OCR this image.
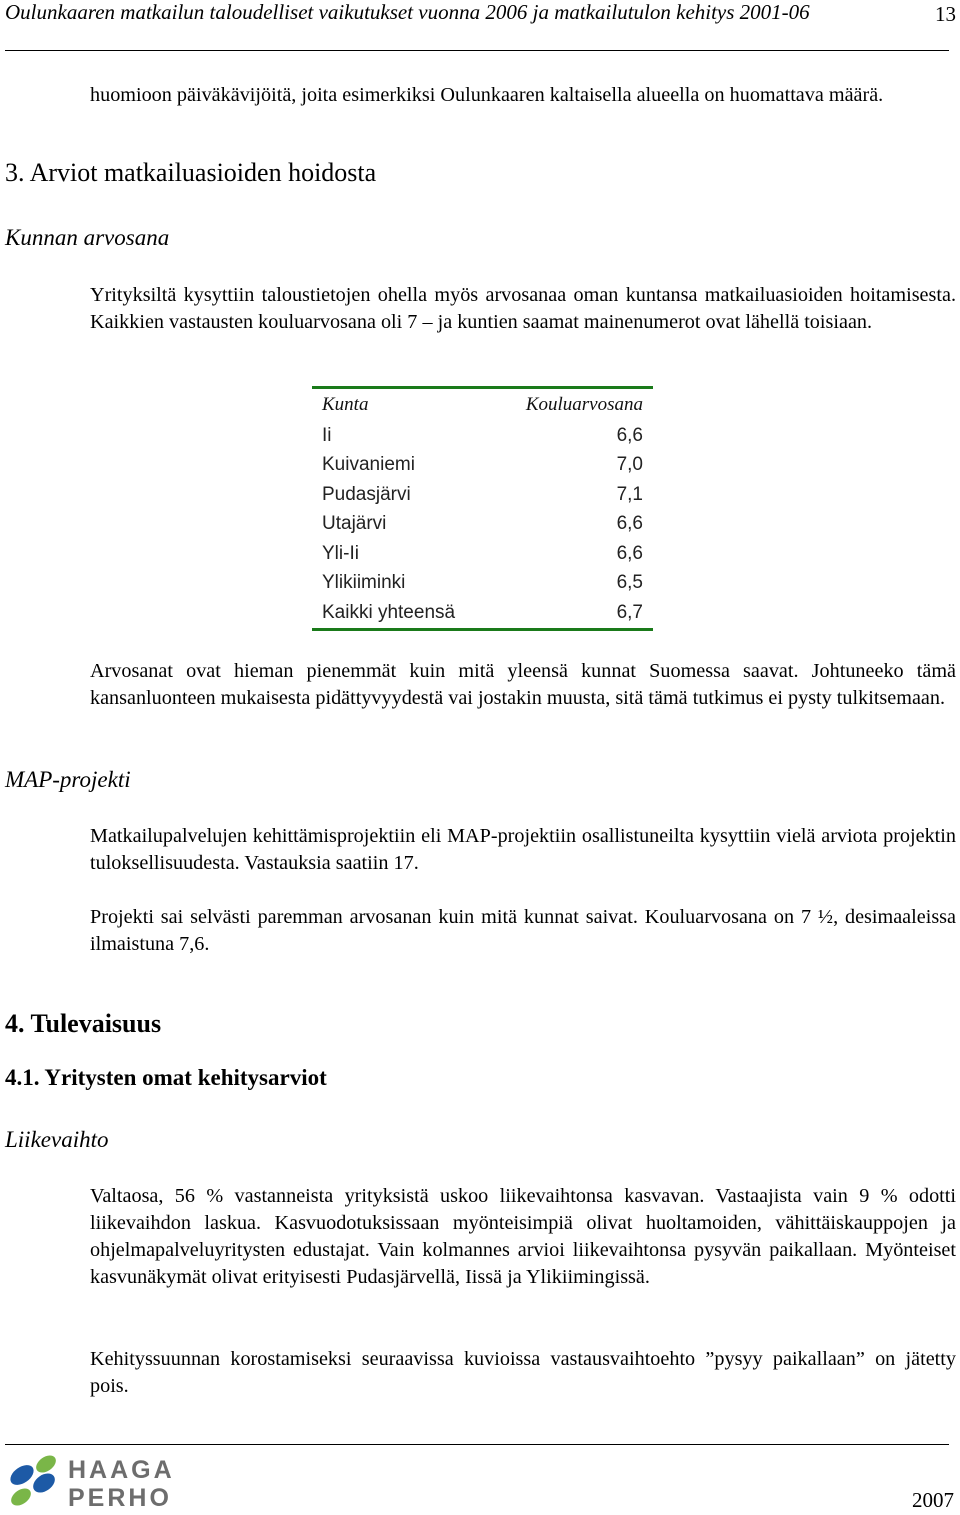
Oulunkaaren matkailun taloudelliset vaikutukset vuonna 2006 ja matkailutulon kehitys 2001-06	13
huomioon päiväkävijöitä, joita esimerkiksi Oulunkaaren kaltaisella alueella on huomattava määrä.
3. Arviot matkailuasioiden hoidosta
Kunnan arvosana
Yrityksiltä kysyttiin taloustietojen ohella myös arvosanaa oman kuntansa matkailuasioiden hoitamisesta. Kaikkien vastausten kouluarvosana oli 7 – ja kuntien saamat mainenumerot ovat lähellä toisiaan.
Kunta	Kouluarvosana
Ii	6,6
Kuivaniemi	7,0
Pudasjärvi	7,1
Utajärvi	6,6
Yli-Ii	6,6
Ylikiiminki	6,5
Kaikki yhteensä	6,7
Arvosanat ovat hieman pienemmät kuin mitä yleensä kunnat Suomessa saavat. Johtuneeko tämä kansanluonteen mukaisesta pidättyvyydestä vai jostakin muusta, sitä tämä tutkimus ei pysty tulkitsemaan.
MAP-projekti
Matkailupalvelujen kehittämisprojektiin eli MAP-projektiin osallistuneilta kysyttiin vielä arviota projektin tuloksellisuudesta. Vastauksia saatiin 17.
Projekti sai selvästi paremman arvosanan kuin mitä kunnat saivat. Kouluarvosana on 7 ½, desimaaleissa ilmaistuna 7,6.
4. Tulevaisuus
4.1. Yritysten omat kehitysarviot
Liikevaihto
Valtaosa, 56 % vastanneista yrityksistä uskoo liikevaihtonsa kasvavan. Vastaajista vain 9 % odotti liikevaihdon laskua. Kasvuodotuksissaan myönteisimpiä olivat huoltamoiden, vähittäiskauppojen ja ohjelmapalveluyritysten edustajat. Vain kolmannes arvioi liikevaihtonsa pysyvän paikallaan. Myönteiset kasvunäkymät olivat erityisesti Pudasjärvellä, Iissä ja Ylikiimingissä.
Kehityssuunnan korostamiseksi seuraavissa kuvioissa vastausvaihtoehto ”pysyy paikallaan” on jätetty pois.
HAAGA
PERHO	2007
